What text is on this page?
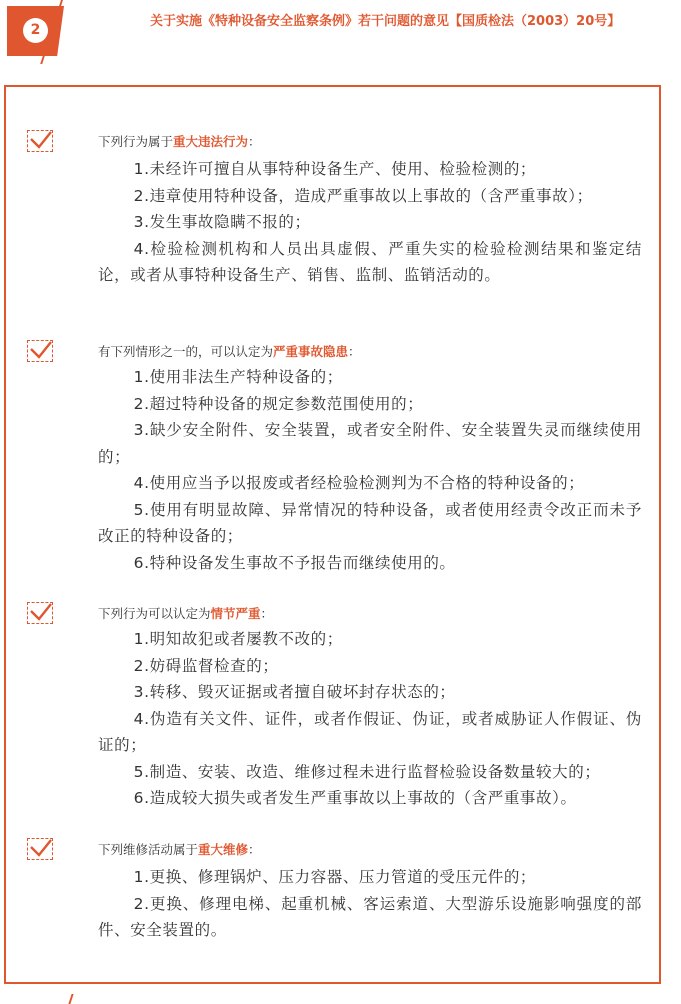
2
关于实施《特种设备安全监察条例》若干问题的意见【国质检法（2003）20号】
下列行为属于重大违法行为：
1.未经许可擅自从事特种设备生产、使用、检验检测的；
2.违章使用特种设备，造成严重事故以上事故的（含严重事故）；
3.发生事故隐瞒不报的；
4.检验检测机构和人员出具虚假、严重失实的检验检测结果和鉴定结论，或者从事特种设备生产、销售、监制、监销活动的。
有下列情形之一的，可以认定为严重事故隐患：
1.使用非法生产特种设备的；
2.超过特种设备的规定参数范围使用的；
3.缺少安全附件、安全装置，或者安全附件、安全装置失灵而继续使用的；
4.使用应当予以报废或者经检验检测判为不合格的特种设备的；
5.使用有明显故障、异常情况的特种设备，或者使用经责令改正而未予改正的特种设备的；
6.特种设备发生事故不予报告而继续使用的。
下列行为可以认定为情节严重：
1.明知故犯或者屡教不改的；
2.妨碍监督检查的；
3.转移、毁灭证据或者擅自破坏封存状态的；
4.伪造有关文件、证件，或者作假证、伪证，或者威胁证人作假证、伪证的；
5.制造、安装、改造、维修过程未进行监督检验设备数量较大的；
6.造成较大损失或者发生严重事故以上事故的（含严重事故）。
下列维修活动属于重大维修：
1.更换、修理锅炉、压力容器、压力管道的受压元件的；
2.更换、修理电梯、起重机械、客运索道、大型游乐设施影响强度的部件、安全装置的。
